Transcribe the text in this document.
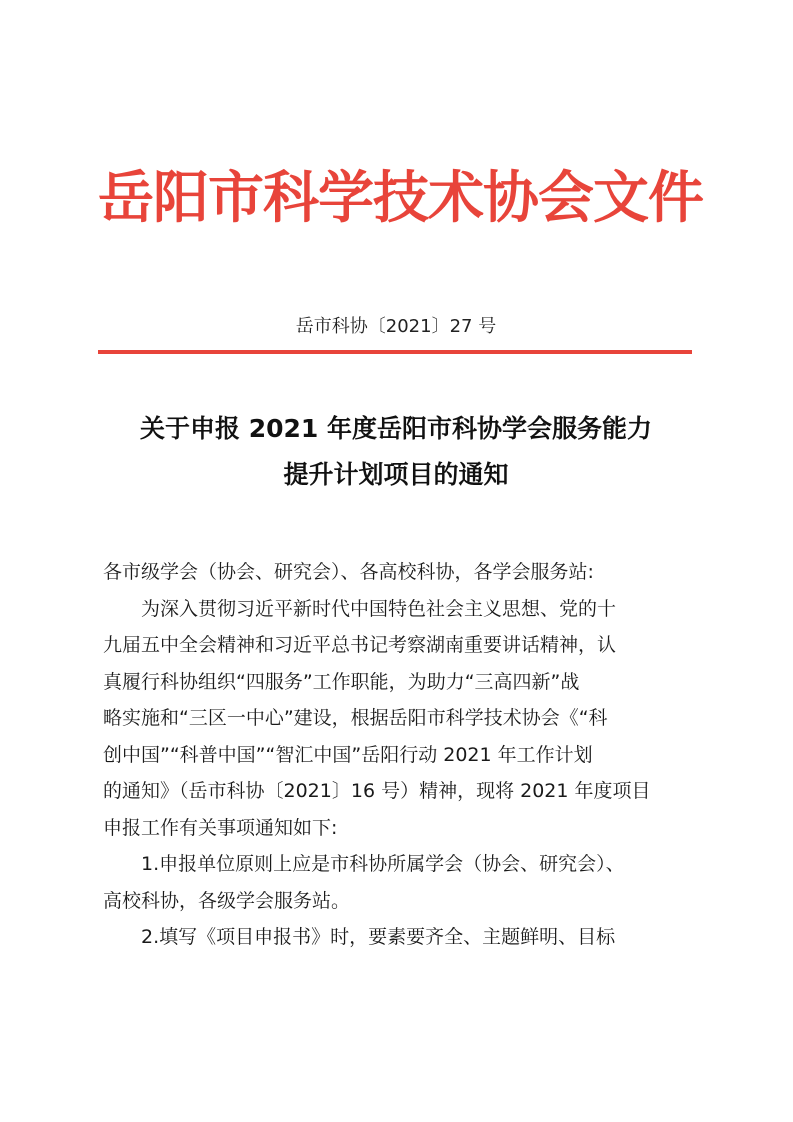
岳阳市科学技术协会文件
岳市科协〔2021〕27 号
关于申报 2021 年度岳阳市科协学会服务能力
提升计划项目的通知
各市级学会（协会、研究会）、各高校科协，各学会服务站:
为深入贯彻习近平新时代中国特色社会主义思想、党的十
九届五中全会精神和习近平总书记考察湖南重要讲话精神，认
真履行科协组织“四服务”工作职能，为助力“三高四新”战
略实施和“三区一中心”建设，根据岳阳市科学技术协会《“科
创中国”“科普中国”“智汇中国”岳阳行动 2021 年工作计划
的通知》（岳市科协〔2021〕16 号）精神，现将 2021 年度项目
申报工作有关事项通知如下:
1.申报单位原则上应是市科协所属学会（协会、研究会）、
高校科协，各级学会服务站。
2.填写《项目申报书》时，要素要齐全、主题鲜明、目标
